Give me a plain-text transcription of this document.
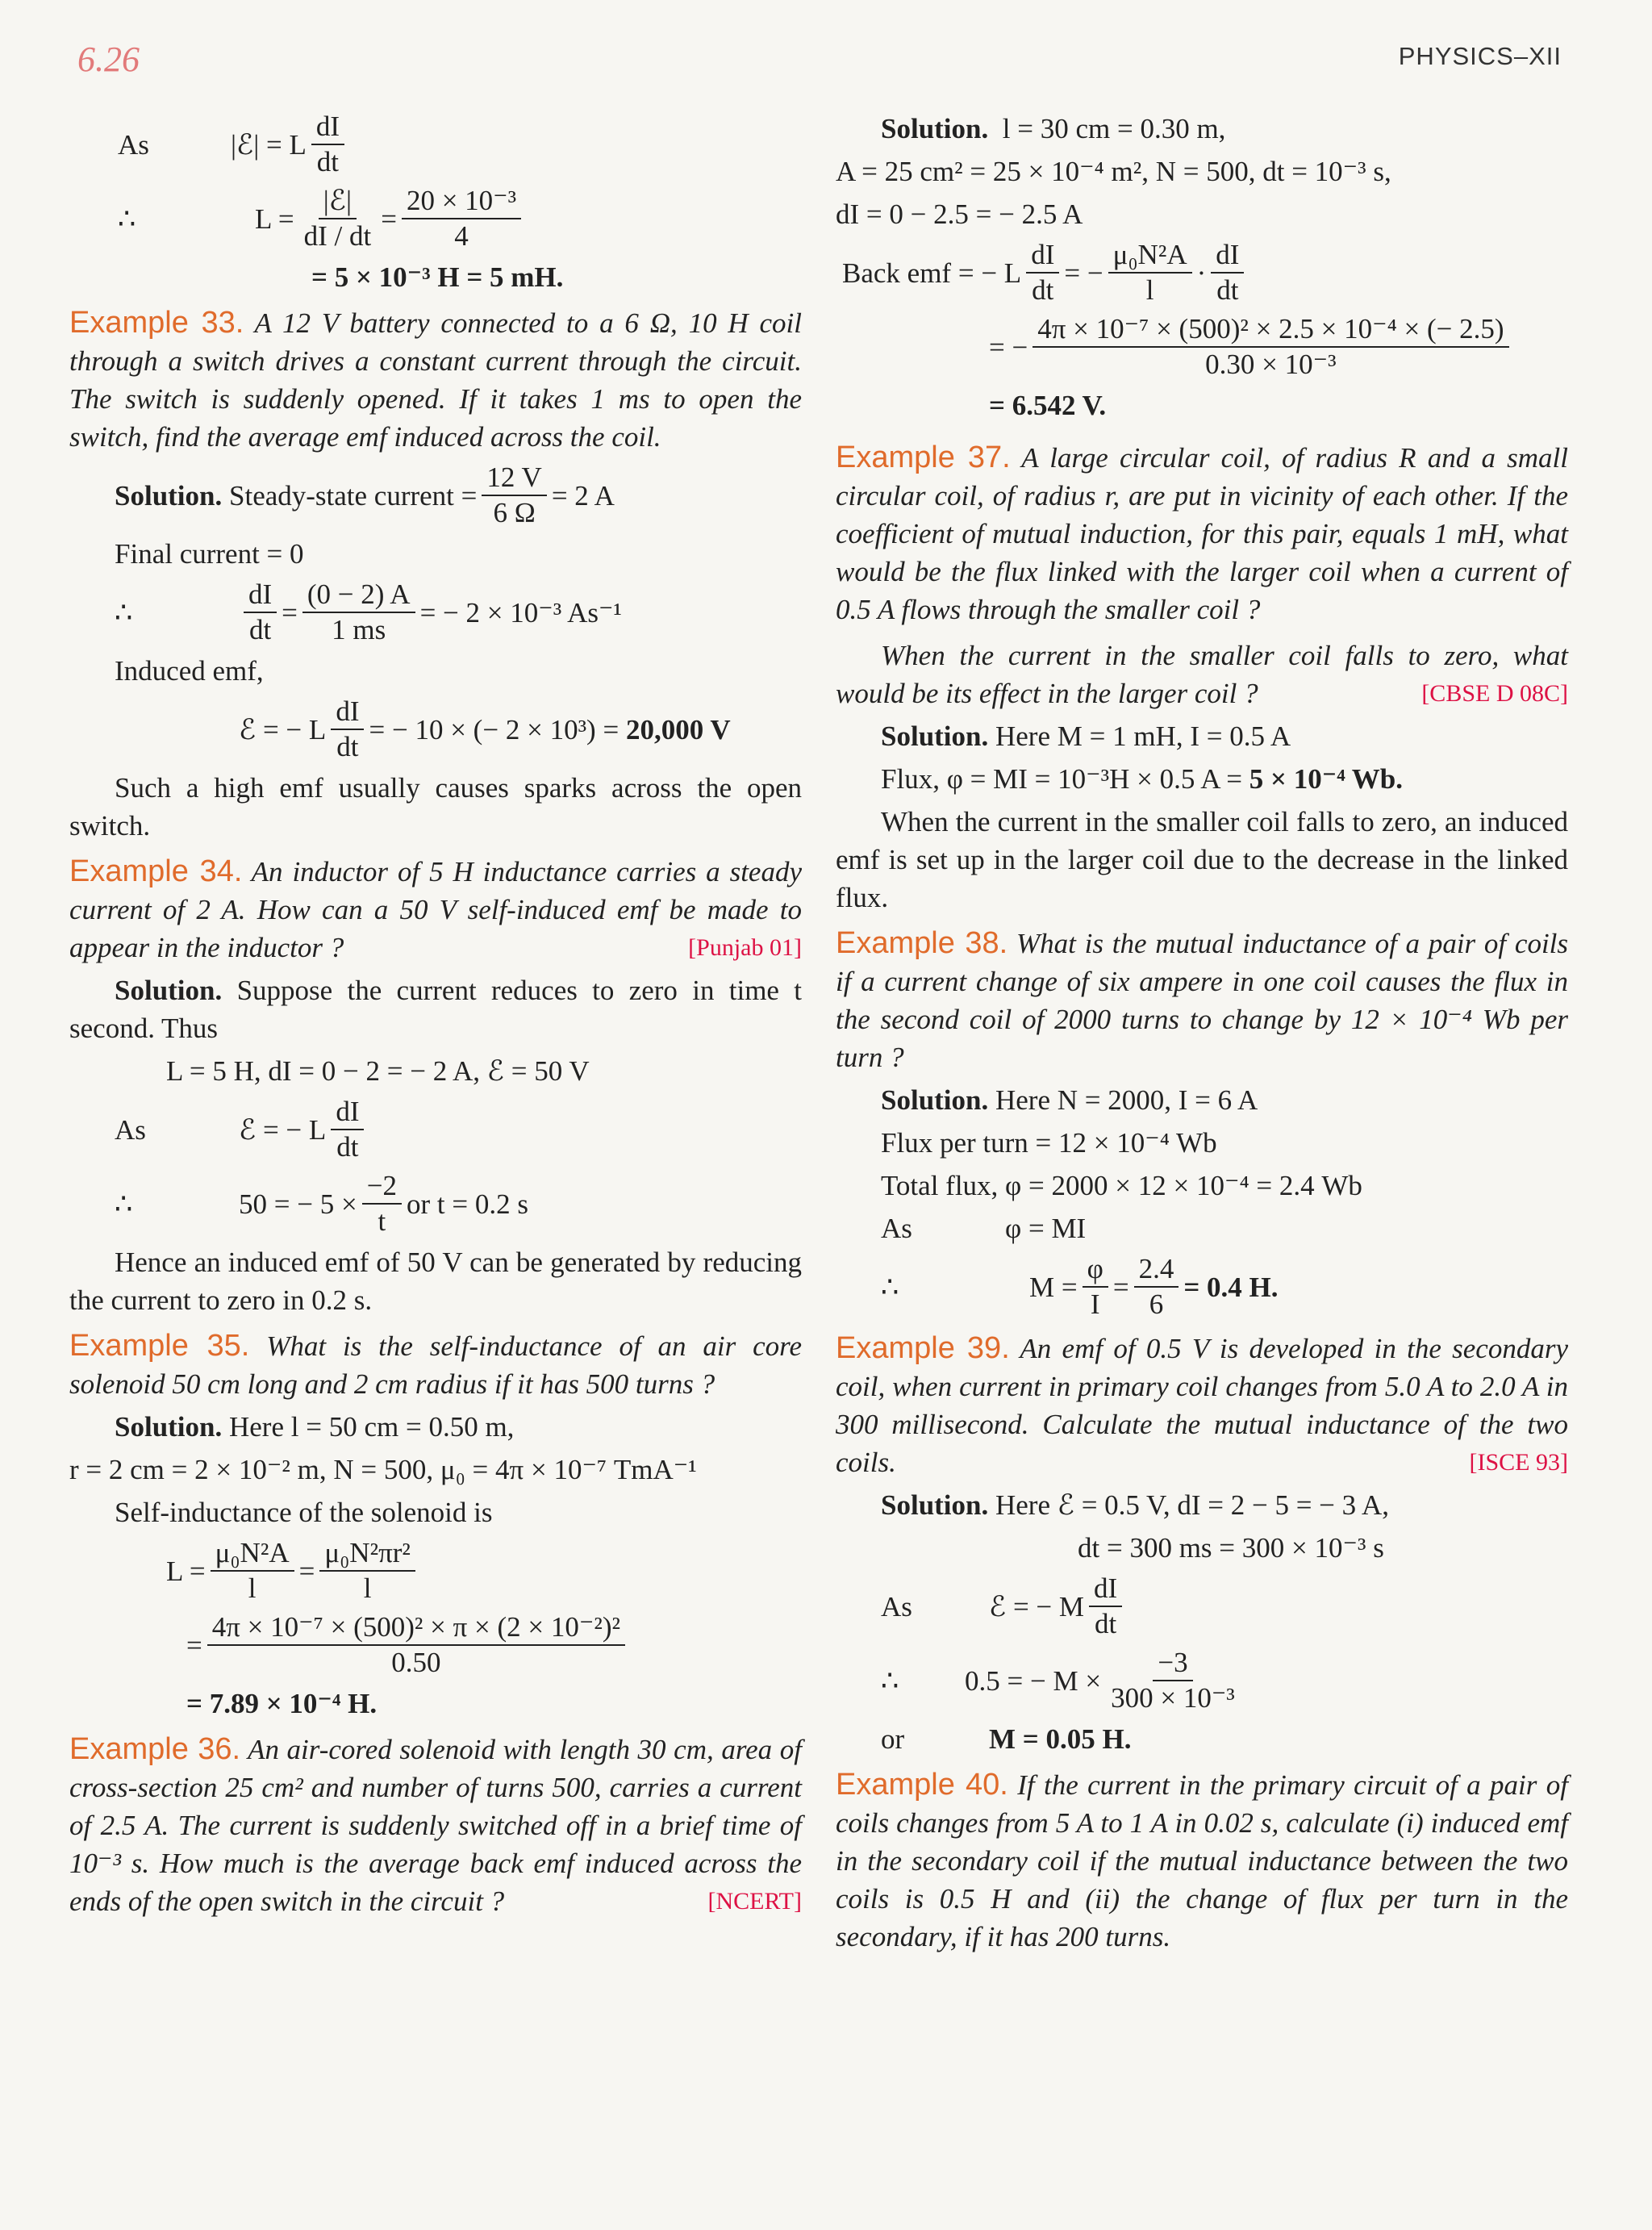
6.26	PHYSICS–XII
As	|ℰ| = L $\frac{dI}{dt}$
∴	$L = \frac{\text{|ℰ|}}{dI / dt} = \frac{\text{20 × 10⁻³}}{4}$
= 5 × 10⁻³ H = 5 mH.
Example 33. A 12 V battery connected to a 6 Ω, 10 H coil through a switch drives a constant current through the circuit. The switch is suddenly opened. If it takes 1 ms to open the switch, find the average emf induced across the coil.
Solution.
Steady-state current = $\frac{12 V}{6 \Omega} = 2$ A
Final current = 0
∴	$\frac{dI}{dt} = \frac{(0 - 2) A}{1 ms}$ = − 2 × 10⁻³ As⁻¹
Induced emf,
ℰ = − L $\frac{dI}{dt}$ = − 10 × (− 2 × 10³) =
20,000 V
Such a high emf usually causes sparks across the open switch.
Example 34. An inductor of 5 H inductance carries a steady current of 2 A. How can a 50 V self-induced emf be made to appear in the inductor ?	[Punjab 01]
Solution. Suppose the current reduces to zero in time t second. Thus
L = 5 H, dI = 0 − 2 = − 2 A, ℰ = 50 V
As	ℰ = − L $\frac{dI}{dt}$
∴	50 = − $5 \times \frac{-2}{t}$ or t = 0.2 s
Hence an induced emf of 50 V can be generated by reducing the current to zero in 0.2 s.
Example 35. What is the self-inductance of an air core solenoid 50 cm long and 2 cm radius if it has 500 turns ?
Solution. Here l = 50 cm = 0.50 m,
r = 2 cm = 2 × 10⁻² m, N = 500, μ₀ = 4π × 10⁻⁷ TmA⁻¹
Self-inductance of the solenoid is
$L = \frac{\text{μ₀N²A}}{l} = \frac{\text{μ₀N²πr²}}{l}$
= $\frac{\text{4π × 10⁻⁷ × (500)² × π × (2 × 10⁻²)²}}{0.50}$
= 7.89 × 10⁻⁴ H.
Example 36. An air-cored solenoid with length 30 cm, area of cross-section 25 cm² and number of turns 500, carries a current of 2.5 A. The current is suddenly switched off in a brief time of 10⁻³ s. How much is the average back emf induced across the ends of the open switch in the circuit ?	[NCERT]
Solution. l = 30 cm = 0.30 m,
A = 25 cm² = 25 × 10⁻⁴ m², N = 500, dt = 10⁻³ s,
dI = 0 − 2.5 = − 2.5 A
Back emf = − L $\frac{dI}{dt}$ = − $\frac{\text{μ₀N²A}}{l} \cdot \frac{dI}{dt}$
= − $\frac{\text{4π × 10⁻⁷ × (500)² × 2.5 × 10⁻⁴ × (− 2.5)}}{\text{0.30 × 10⁻³}}$
= 6.542 V.
Example 37. A large circular coil, of radius R and a small circular coil, of radius r, are put in vicinity of each other. If the coefficient of mutual induction, for this pair, equals 1 mH, what would be the flux linked with the larger coil when a current of 0.5 A flows through the smaller coil ?
When the current in the smaller coil falls to zero, what would be its effect in the larger coil ?	[CBSE D 08C]
Solution. Here M = 1 mH, I = 0.5 A
Flux, φ = MI = 10⁻³H × 0.5 A = 5 × 10⁻⁴ Wb.
When the current in the smaller coil falls to zero, an induced emf is set up in the larger coil due to the decrease in the linked flux.
Example 38. What is the mutual inductance of a pair of coils if a current change of six ampere in one coil causes the flux in the second coil of 2000 turns to change by 12 × 10⁻⁴ Wb per turn ?
Solution. Here N = 2000, I = 6 A
Flux per turn = 12 × 10⁻⁴ Wb
Total flux, φ = 2000 × 12 × 10⁻⁴ = 2.4 Wb
As	φ = MI
∴	$M = \frac{\varphi}{I} = \frac{2.4}{6} = 0.4$ H.
Example 39. An emf of 0.5 V is developed in the secondary coil, when current in primary coil changes from 5.0 A to 2.0 A in 300 millisecond. Calculate the mutual inductance of the two coils.	[ISCE 93]
Solution. Here ℰ = 0.5 V, dI = 2 − 5 = − 3 A,
dt = 300 ms = 300 × 10⁻³ s
As	ℰ = − M $\frac{dI}{dt}$
∴	0.5 = − $M \times \frac{-3}{\text{300 × 10⁻³}}$
or	M = 0.05 H.
Example 40. If the current in the primary circuit of a pair of coils changes from 5 A to 1 A in 0.02 s, calculate (i) induced emf in the secondary coil if the mutual inductance between the two coils is 0.5 H and (ii) the change of flux per turn in the secondary, if it has 200 turns.
